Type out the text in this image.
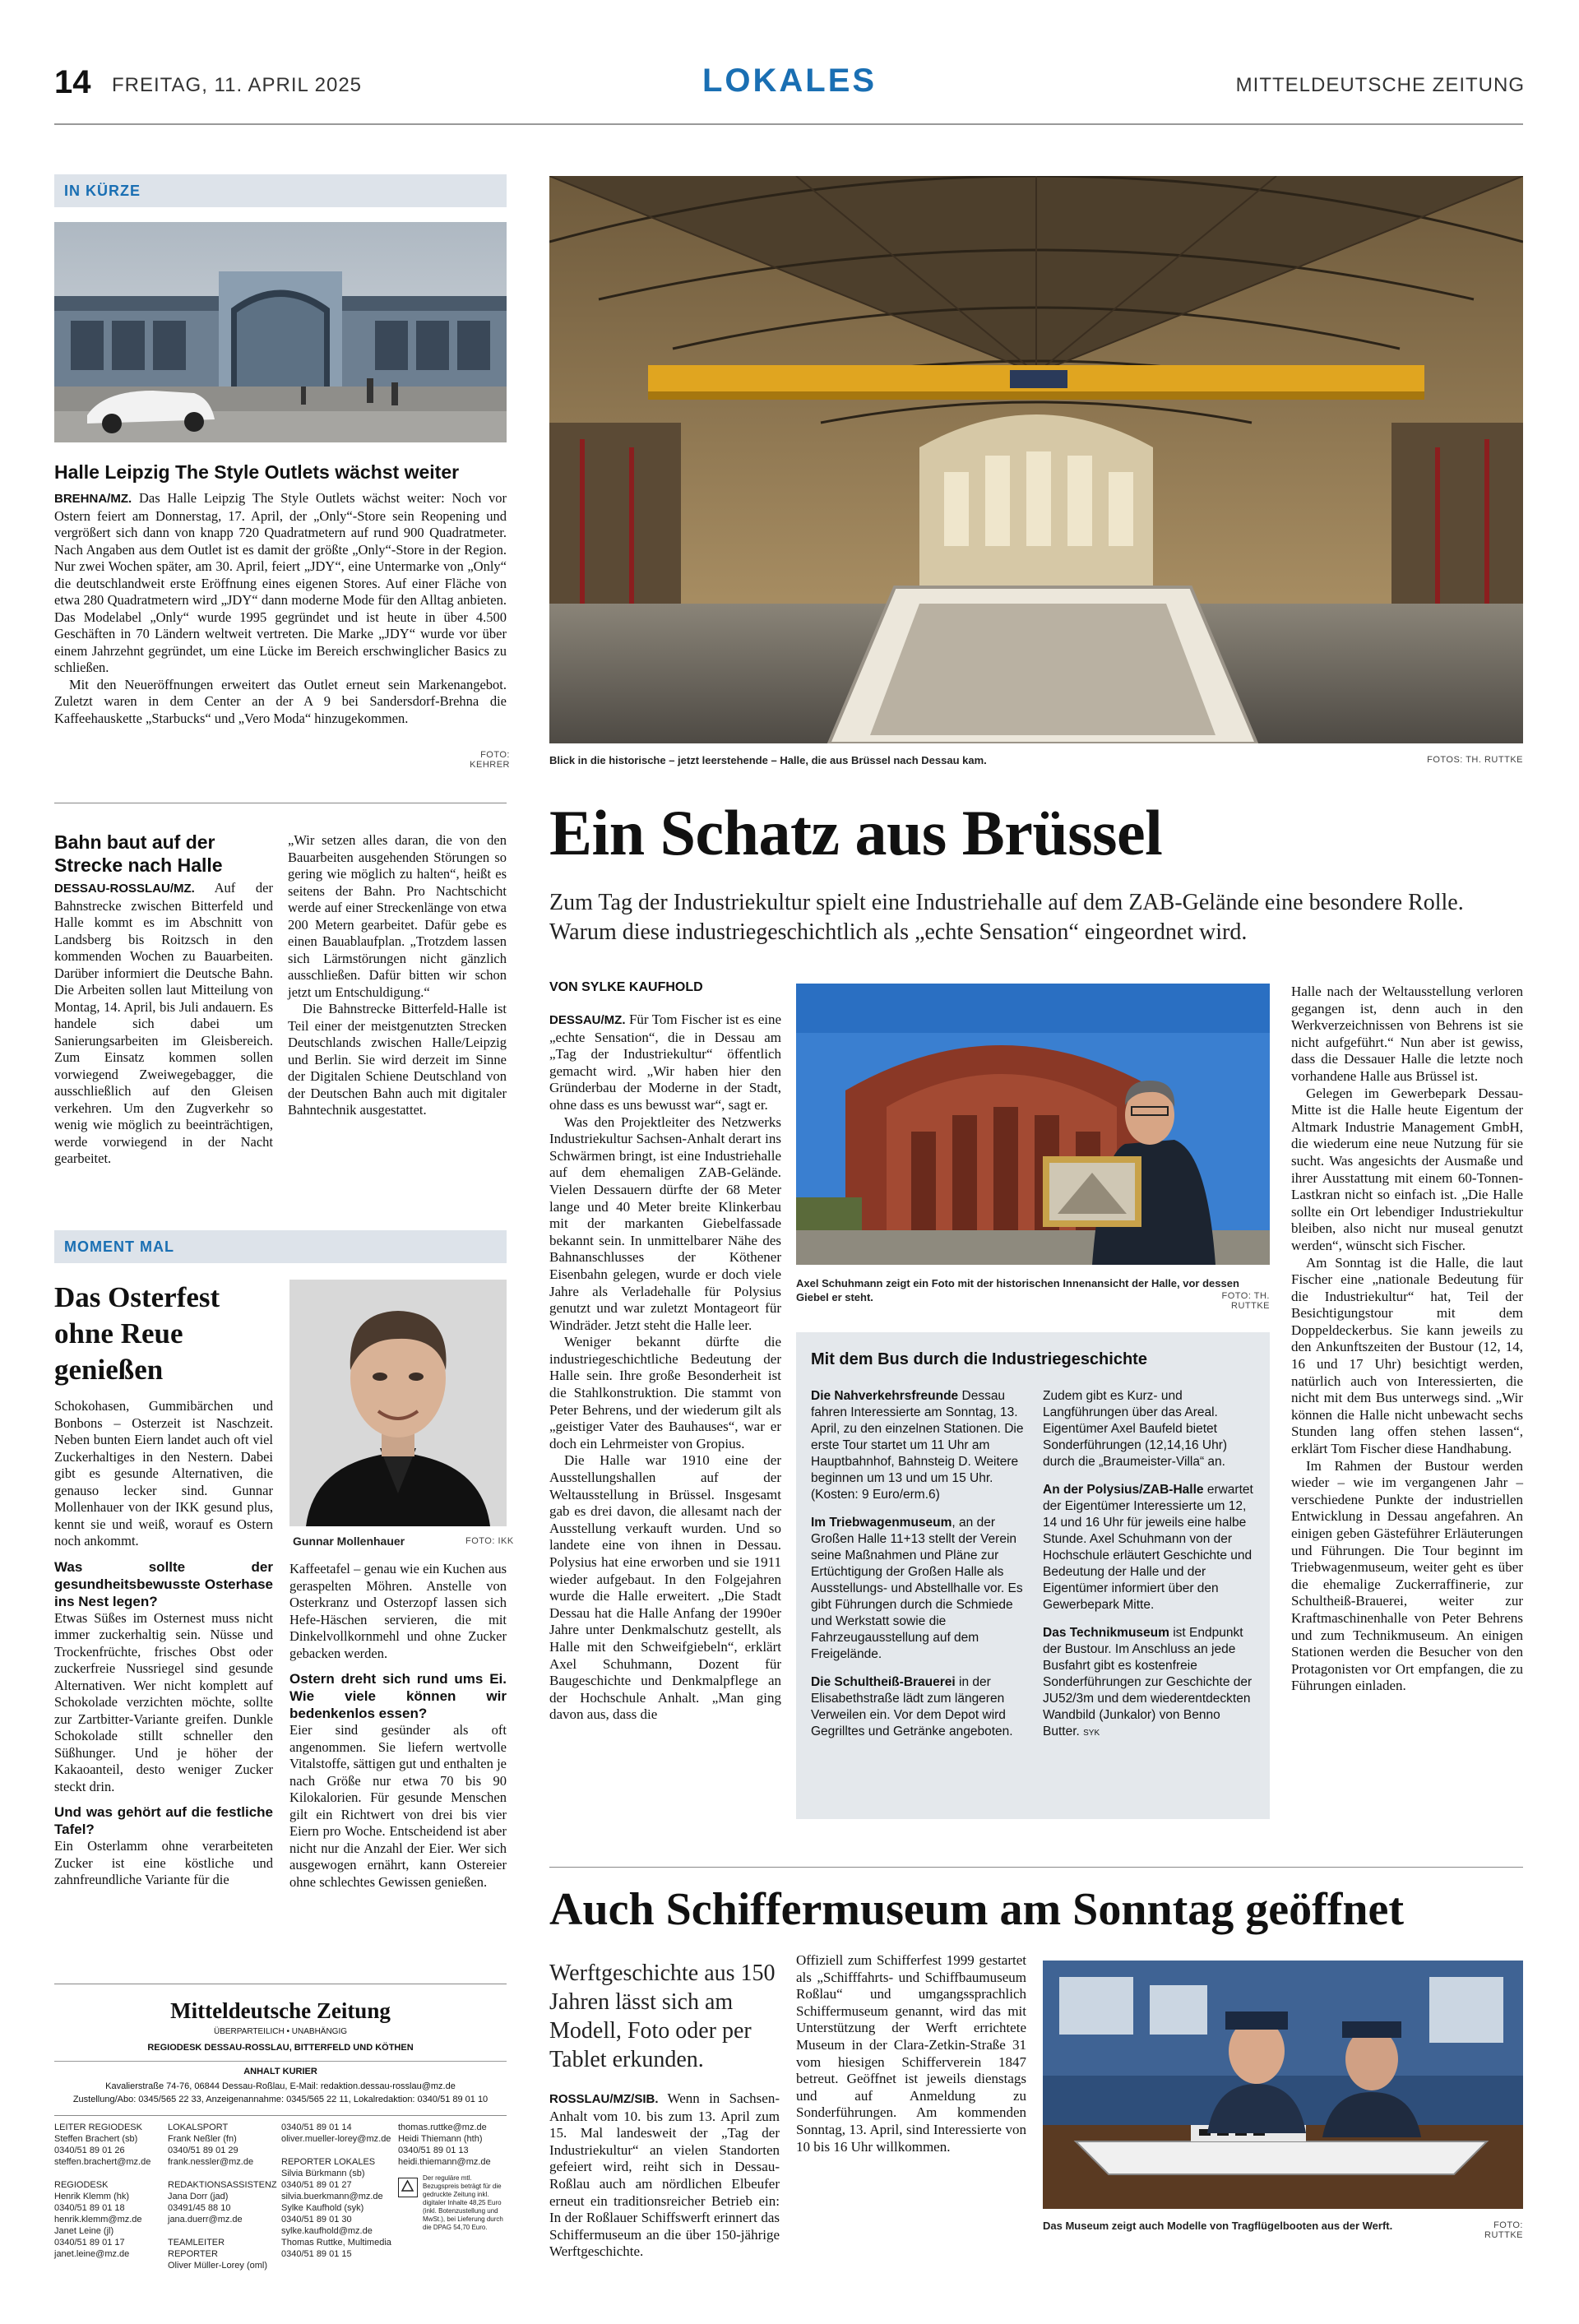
14 FREITAG, 11. APRIL 2025	LOKALES	MITTELDEUTSCHE ZEITUNG
IN KÜRZE
Halle Leipzig The Style Outlets wächst weiter

BREHNA/MZ. Das Halle Leipzig The Style Outlets wächst weiter: Noch vor Ostern feiert am Donnerstag, 17. April, der „Only“-Store sein Reopening und vergrößert sich dann von knapp 720 Quadratmetern auf rund 900 Quadratmeter. Nach Angaben aus dem Outlet ist es damit der größte „Only“-Store in der Region. Nur zwei Wochen später, am 30. April, feiert „JDY“, eine Untermarke von „Only“ die deutschlandweit erste Eröffnung eines eigenen Stores. Auf einer Fläche von etwa 280 Quadratmetern wird „JDY“ dann moderne Mode für den Alltag anbieten. Das Modelabel „Only“ wurde 1995 gegründet und ist heute in über 4.500 Geschäften in 70 Ländern weltweit vertreten. Die Marke „JDY“ wurde vor über einem Jahrzehnt gegründet, um eine Lücke im Bereich erschwinglicher Basics zu schließen.

Mit den Neueröffnungen erweitert das Outlet erneut sein Markenangebot. Zuletzt waren in dem Center an der A 9 bei Sandersdorf-Brehna die Kaffeehauskette „Starbucks“ und „Vero Moda“ hinzugekommen.

FOTO: KEHRER
Bahn baut auf der Strecke nach Halle

DESSAU-ROSSLAU/MZ. Auf der Bahnstrecke zwischen Bitterfeld und Halle kommt es im Abschnitt von Landsberg bis Roitzsch in den kommenden Wochen zu Bauarbeiten. Darüber informiert die Deutsche Bahn. Die Arbeiten sollen laut Mitteilung von Montag, 14. April, bis Juli andauern. Es handele sich dabei um Sanierungsarbeiten im Gleisbereich. Zum Einsatz kommen sollen vorwiegend Zweiwegebagger, die ausschließlich auf den Gleisen verkehren. Um den Zugverkehr so wenig wie möglich zu beeinträchtigen, werde vorwiegend in der Nacht gearbeitet.

„Wir setzen alles daran, die von den Bauarbeiten ausgehenden Störungen so gering wie möglich zu halten“, heißt es seitens der Bahn. Pro Nachtschicht werde auf einer Streckenlänge von etwa 200 Metern gearbeitet. Dafür gebe es einen Bauablaufplan. „Trotzdem lassen sich Lärmstörungen nicht gänzlich ausschließen. Dafür bitten wir schon jetzt um Entschuldigung.“

Die Bahnstrecke Bitterfeld-Halle ist Teil einer der meistgenutzten Strecken Deutschlands zwischen Halle/Leipzig und Berlin. Sie wird derzeit im Sinne der Digitalen Schiene Deutschland von der Deutschen Bahn auch mit digitaler Bahntechnik ausgestattet.

MOMENT MAL
Das Osterfest ohne Reue genießen
Gunnar Mollenhauer	FOTO: IKK

Schokohasen, Gummibärchen und Bonbons – Osterzeit ist Naschzeit. Neben bunten Eiern landet auch oft viel Zuckerhaltiges in den Nestern. Dabei gibt es gesunde Alternativen, die genauso lecker sind. Gunnar Mollenhauer von der IKK gesund plus, kennt sie und weiß, worauf es Ostern noch ankommt.

Was sollte der gesundheitsbewusste Osterhase ins Nest legen?

Etwas Süßes im Osternest muss nicht immer zuckerhaltig sein. Nüsse und Trockenfrüchte, frisches Obst oder zuckerfreie Nussriegel sind gesunde Alternativen. Wer nicht komplett auf Schokolade verzichten möchte, sollte zur Zartbitter-Variante greifen. Dunkle Schokolade stillt schneller den Süßhunger. Und je höher der Kakaoanteil, desto weniger Zucker steckt drin.

Und was gehört auf die festliche Tafel?

Ein Osterlamm ohne verarbeiteten Zucker ist eine köstliche und zahnfreundliche Variante für die

Kaffeetafel – genau wie ein Kuchen aus geraspelten Möhren. Anstelle von Osterkranz und Osterzopf lassen sich Hefe-Häschen servieren, die mit Dinkelvollkornmehl und ohne Zucker gebacken werden.

Ostern dreht sich rund ums Ei. Wie viele können wir bedenkenlos essen?

Eier sind gesünder als oft angenommen. Sie liefern wertvolle Vitalstoffe, sättigen gut und enthalten je nach Größe nur etwa 70 bis 90 Kilokalorien. Für gesunde Menschen gilt ein Richtwert von drei bis vier Eiern pro Woche. Entscheidend ist aber nicht nur die Anzahl der Eier. Wer sich ausgewogen ernährt, kann Ostereier ohne schlechtes Gewissen genießen.

Mitteldeutsche Zeitung
ÜBERPARTEILICH • UNABHÄNGIG
REGIODESK DESSAU-ROSSLAU, BITTERFELD UND KÖTHEN
ANHALT KURIER
Kavalierstraße 74-76, 06844 Dessau-Roßlau, E-Mail: redaktion.dessau-rosslau@mz.de
Zustellung/Abo: 0345/565 22 33, Anzeigenannahme: 0345/565 22 11, Lokalredaktion: 0340/51 89 01 10
LEITER REGIODESK
Steffen Brachert (sb)
0340/51 89 01 26
steffen.brachert@mz.de

REGIODESK
Henrik Klemm (hk)
0340/51 89 01 18
henrik.klemm@mz.de
Janet Leine (jl)
0340/51 89 01 17
janet.leine@mz.de
LOKALSPORT
Frank Neßler (fn)
0340/51 89 01 29
frank.nessler@mz.de

REDAKTIONSASSISTENZ
Jana Dorr (jad)
03491/45 88 10
jana.duerr@mz.de

TEAMLEITER REPORTER
Oliver Müller-Lorey (oml)
0340/51 89 01 14
oliver.mueller-lorey@mz.de

REPORTER LOKALES
Silvia Bürkmann (sb)
0340/51 89 01 27
silvia.buerkmann@mz.de
Sylke Kaufhold (syk)
0340/51 89 01 30
sylke.kaufhold@mz.de
Thomas Ruttke, Multimedia
0340/51 89 01 15
thomas.ruttke@mz.de
Heidi Thiemann (hth)
0340/51 89 01 13
heidi.thiemann@mz.de
Der reguläre mtl. Bezugspreis beträgt für die gedruckte Zeitung inkl. digitaler Inhalte 48,25 Euro (inkl. Botenzustellung und MwSt.), bei Lieferung durch die DPAG 54,70 Euro.
Blick in die historische – jetzt leerstehende – Halle, die aus Brüssel nach Dessau kam.	FOTOS: TH. RUTTKE
Ein Schatz aus Brüssel
Zum Tag der Industriekultur spielt eine Industriehalle auf dem ZAB-Gelände eine besondere Rolle. Warum diese industriegeschichtlich als „echte Sensation“ eingeordnet wird.
VON SYLKE KAUFHOLD

DESSAU/MZ. Für Tom Fischer ist es eine „echte Sensation“, die in Dessau am „Tag der Industriekultur“ öffentlich gemacht wird. „Wir haben hier den Gründerbau der Moderne in der Stadt, ohne dass es uns bewusst war“, sagt er.

Was den Projektleiter des Netzwerks Industriekultur Sachsen-Anhalt derart ins Schwärmen bringt, ist eine Industriehalle auf dem ehemaligen ZAB-Gelände. Vielen Dessauern dürfte der 68 Meter lange und 40 Meter breite Klinkerbau mit der markanten Giebelfassade bekannt sein. In unmittelbarer Nähe des Bahnanschlusses der Köthener Eisenbahn gelegen, wurde er doch viele Jahre als Verladehalle für Polysius genutzt und war zuletzt Montageort für Windräder. Jetzt steht die Halle leer.

Weniger bekannt dürfte die industriegeschichtliche Bedeutung der Halle sein. Ihre große Besonderheit ist die Stahlkonstruktion. Die stammt von Peter Behrens, und der wiederum gilt als „geistiger Vater des Bauhauses“, war er doch ein Lehrmeister von Gropius.

Die Halle war 1910 eine der Ausstellungshallen auf der Weltausstellung in Brüssel. Insgesamt gab es drei davon, die allesamt nach der Ausstellung verkauft wurden. Und so landete eine von ihnen in Dessau. Polysius hat eine erworben und sie 1911 wieder aufgebaut. In den Folgejahren wurde die Halle erweitert. „Die Stadt Dessau hat die Halle Anfang der 1990er Jahre unter Denkmalschutz gestellt, als Halle mit den Schweifgiebeln“, erklärt Axel Schuhmann, Dozent für Baugeschichte und Denkmalpflege an der Hochschule Anhalt. „Man ging davon aus, dass die

Axel Schuhmann zeigt ein Foto mit der historischen Innenansicht der Halle, vor dessen Giebel er steht.	FOTO: TH. RUTTKE
Mit dem Bus durch die Industriegeschichte

Die Nahverkehrsfreunde Dessau fahren Interessierte am Sonntag, 13. April, zu den einzelnen Stationen. Die erste Tour startet um 11 Uhr am Hauptbahnhof, Bahnsteig D. Weitere beginnen um 13 und um 15 Uhr.(Kosten: 9 Euro/erm.6)

Im Triebwagenmuseum, an der Großen Halle 11+13 stellt der Verein seine Maßnahmen und Pläne zur Ertüchtigung der Großen Halle als Ausstellungs- und Abstellhalle vor. Es gibt Führungen durch die Schmiede und Werkstatt sowie die Fahrzeugausstellung auf dem Freigelände.

Die Schultheiß-Brauerei in der Elisabethstraße lädt zum längeren Verweilen ein. Vor dem Depot wird Gegrilltes und Getränke angeboten.

Zudem gibt es Kurz- und Langführungen über das Areal. Eigentümer Axel Baufeld bietet Sonderführungen (12,14,16 Uhr) durch die „Braumeister-Villa“ an.

An der Polysius/ZAB-Halle erwartet der Eigentümer Interessierte um 12, 14 und 16 Uhr für jeweils eine halbe Stunde. Axel Schuhmann von der Hochschule erläutert Geschichte und Bedeutung der Halle und der Eigentümer informiert über den Gewerbepark Mitte.

Das Technikmuseum ist Endpunkt der Bustour. Im Anschluss an jede Busfahrt gibt es kostenfreie Sonderführungen zur Geschichte der JU52/3m und dem wiederentdeckten Wandbild (Junkalor) von Benno Butter. SYK

Halle nach der Weltausstellung verloren gegangen ist, denn auch in den Werkverzeichnissen von Behrens ist sie nicht aufgeführt.“ Nun aber ist gewiss, dass die Dessauer Halle die letzte noch vorhandene Halle aus Brüssel ist.

Gelegen im Gewerbepark Dessau-Mitte ist die Halle heute Eigentum der Altmark Industrie Management GmbH, die wiederum eine neue Nutzung für sie sucht. Was angesichts der Ausmaße und ihrer Ausstattung mit einem 60-Tonnen-Lastkran nicht so einfach ist. „Die Halle sollte ein Ort lebendiger Industriekultur bleiben, also nicht nur museal genutzt werden“, wünscht sich Fischer.

Am Sonntag ist die Halle, die laut Fischer eine „nationale Bedeutung für die Industriekultur“ hat, Teil der Besichtigungstour mit dem Doppeldeckerbus. Sie kann jeweils zu den Ankunftszeiten der Bustour (12, 14, 16 und 17 Uhr) besichtigt werden, natürlich auch von Interessierten, die nicht mit dem Bus unterwegs sind. „Wir können die Halle nicht unbewacht sechs Stunden lang offen stehen lassen“, erklärt Tom Fischer diese Handhabung.

Im Rahmen der Bustour werden wieder – wie im vergangenen Jahr – verschiedene Punkte der industriellen Entwicklung in Dessau angefahren. An einigen geben Gästeführer Erläuterungen und Führungen. Die Tour beginnt im Triebwagenmuseum, weiter geht es über die ehemalige Zuckerraffinerie, zur Schultheiß-Brauerei, weiter zur Kraftmaschinenhalle von Peter Behrens und zum Technikmuseum. An einigen Stationen werden die Besucher von den Protagonisten vor Ort empfangen, die zu Führungen einladen.

Auch Schiffermuseum am Sonntag geöffnet
Werftgeschichte aus 150 Jahren lässt sich am Modell, Foto oder per Tablet erkunden.

ROSSLAU/MZ/SIB. Wenn in Sachsen-Anhalt vom 10. bis zum 13. April zum 15. Mal landesweit der „Tag der Industriekultur“ an vielen Standorten gefeiert wird, reiht sich in Dessau-Roßlau auch am nördlichen Elbeufer erneut ein traditionsreicher Betrieb ein: In der Roßlauer Schiffswerft erinnert das Schiffermuseum an die über 150-jährige Werftgeschichte.

Offiziell zum Schifferfest 1999 gestartet als „Schifffahrts- und Schiffbaumuseum Roßlau“ und umgangssprachlich Schiffermuseum genannt, wird das mit Unterstützung der Werft errichtete Museum in der Clara-Zetkin-Straße 31 vom hiesigen Schifferverein 1847 betreut. Geöffnet ist jeweils dienstags und auf Anmeldung zu Sonderführungen. Am kommenden Sonntag, 13. April, sind Interessierte von 10 bis 16 Uhr willkommen.

Das Museum zeigt auch Modelle von Tragflügelbooten aus der Werft.	FOTO: RUTTKE
